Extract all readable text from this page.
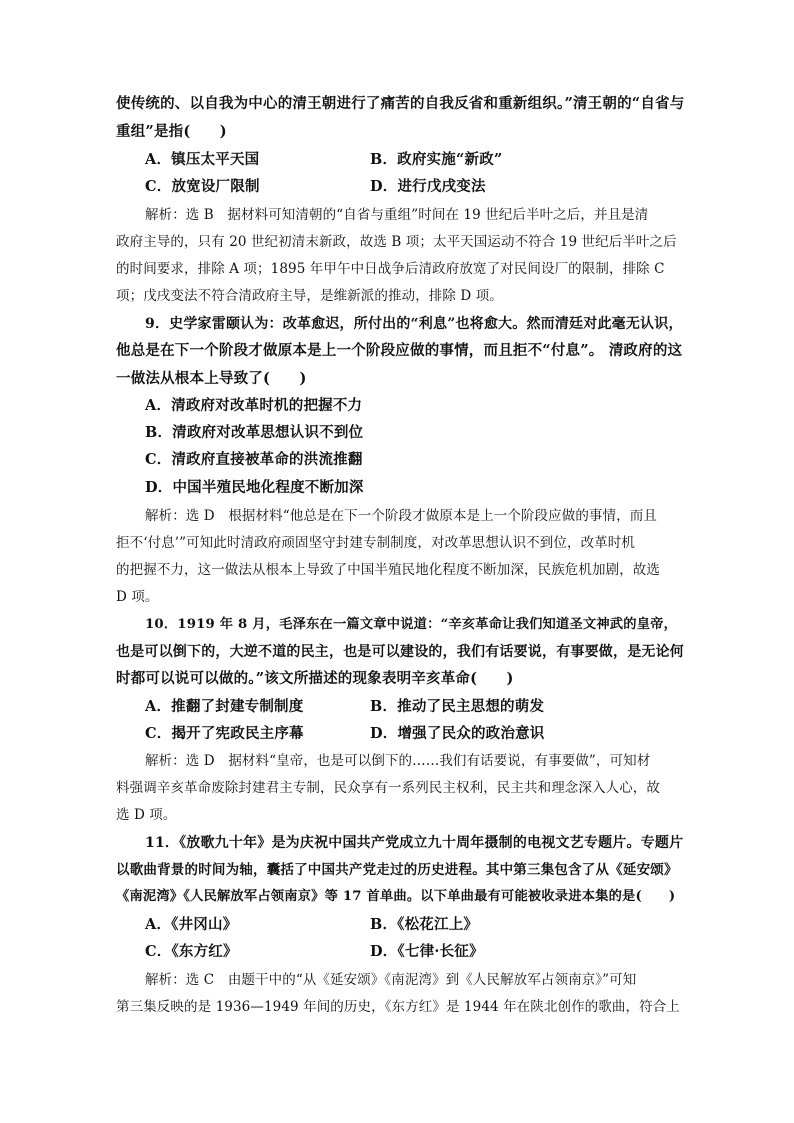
使传统的、以自我为中心的清王朝进行了痛苦的自我反省和重新组织。”清王朝的“自省与
重组”是指(　　)
A．镇压太平天国	B．政府实施“新政”
C．放宽设厂限制	D．进行戊戌变法
解析：选 B　据材料可知清朝的“自省与重组”时间在 19 世纪后半叶之后，并且是清
政府主导的，只有 20 世纪初清末新政，故选 B 项；太平天国运动不符合 19 世纪后半叶之后
的时间要求，排除 A 项；1895 年甲午中日战争后清政府放宽了对民间设厂的限制，排除 C
项；戊戌变法不符合清政府主导，是维新派的推动，排除 D 项。
9．史学家雷颐认为：改革愈迟，所付出的“利息”也将愈大。然而清廷对此毫无认识，
他总是在下一个阶段才做原本是上一个阶段应做的事情，而且拒不“付息”。 清政府的这
一做法从根本上导致了(　　)
A．清政府对改革时机的把握不力
B．清政府对改革思想认识不到位
C．清政府直接被革命的洪流推翻
D．中国半殖民地化程度不断加深
解析：选 D　根据材料“他总是在下一个阶段才做原本是上一个阶段应做的事情，而且
拒不‘付息’”可知此时清政府顽固坚守封建专制制度，对改革思想认识不到位，改革时机
的把握不力，这一做法从根本上导致了中国半殖民地化程度不断加深，民族危机加剧，故选
D 项。
10．1919 年 8 月，毛泽东在一篇文章中说道：“辛亥革命让我们知道圣文神武的皇帝，
也是可以倒下的，大逆不道的民主，也是可以建设的，我们有话要说，有事要做，是无论何
时都可以说可以做的。”该文所描述的现象表明辛亥革命(　　)
A．推翻了封建专制制度	B．推动了民主思想的萌发
C．揭开了宪政民主序幕	D．增强了民众的政治意识
解析：选 D　据材料“皇帝，也是可以倒下的……我们有话要说，有事要做”，可知材
料强调辛亥革命废除封建君主专制，民众享有一系列民主权利，民主共和理念深入人心，故
选 D 项。
11．《放歌九十年》是为庆祝中国共产党成立九十周年摄制的电视文艺专题片。专题片
以歌曲背景的时间为轴，囊括了中国共产党走过的历史进程。其中第三集包含了从《延安颂》
《南泥湾》《人民解放军占领南京》等 17 首单曲。以下单曲最有可能被收录进本集的是(　　)
A．《井冈山》	B．《松花江上》
C．《东方红》	D．《七律·长征》
解析：选 C　由题干中的“从《延安颂》《南泥湾》到《人民解放军占领南京》”可知
第三集反映的是 1936—1949 年间的历史，《东方红》是 1944 年在陕北创作的歌曲，符合上
